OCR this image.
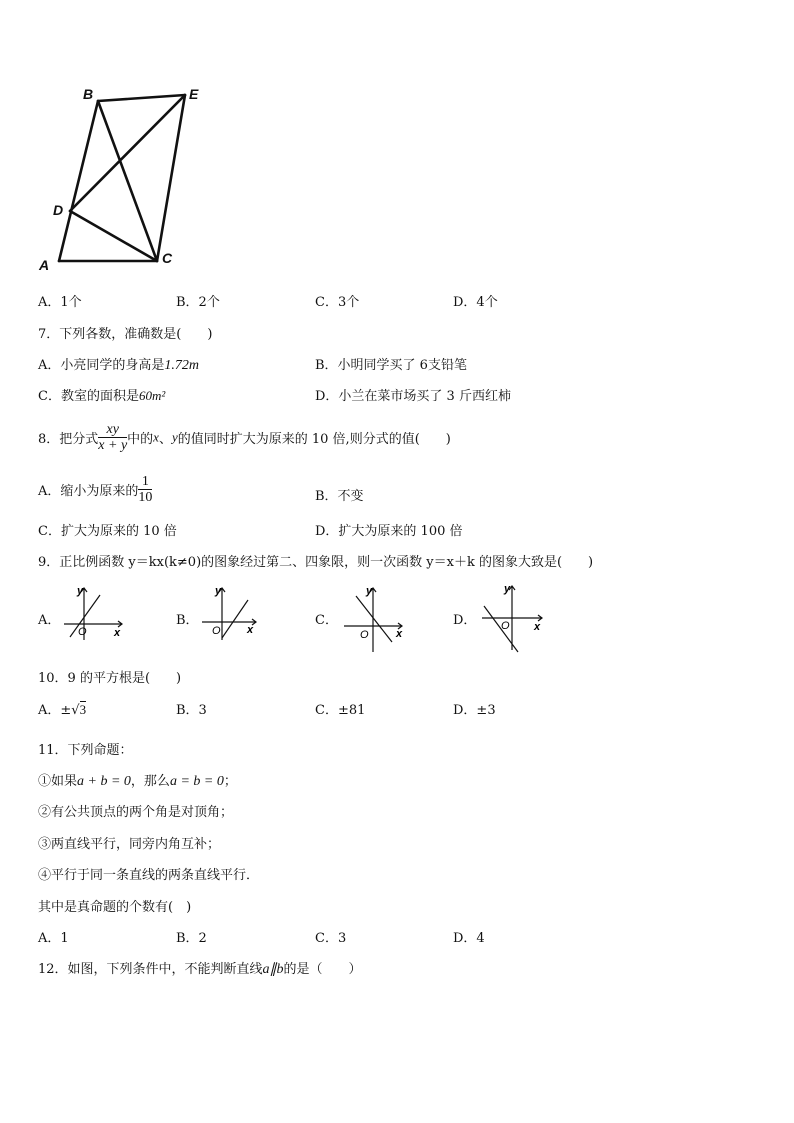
B	E
D
A	C
A．1个	B．2个	C．3个	D．4个
7．下列各数，准确数是(　　)
A．小亮同学的身高是1.72m	B．小明同学买了 6支铅笔
C．教室的面积是60m²	D．小兰在菜市场买了 3 斤西红柿
8．把分式 $\frac{xy}{x + y}$ 中的x、y的值同时扩大为原来的 10 倍,则分式的值(　　)
A．缩小为原来的 $\frac{1}{10}$	B．不变
C．扩大为原来的 10 倍	D．扩大为原来的 100 倍
9．正比例函数 y＝kx(k≠0)的图象经过第二、四象限，则一次函数 y＝x＋k 的图象大致是(　　)
A．	B．	C．	D．
y
x
O
y
x
O
y
x
O
y
x
O
10．9 的平方根是(　　)
A．±√3	B．3	C．±81	D．±3
11．下列命题：
①如果a + b = 0，那么a = b = 0；
②有公共顶点的两个角是对顶角；
③两直线平行，同旁内角互补；
④平行于同一条直线的两条直线平行．
其中是真命题的个数有(　)
A．1	B．2	C．3	D．4
12．如图，下列条件中，不能判断直线a∥b的是（　　）
